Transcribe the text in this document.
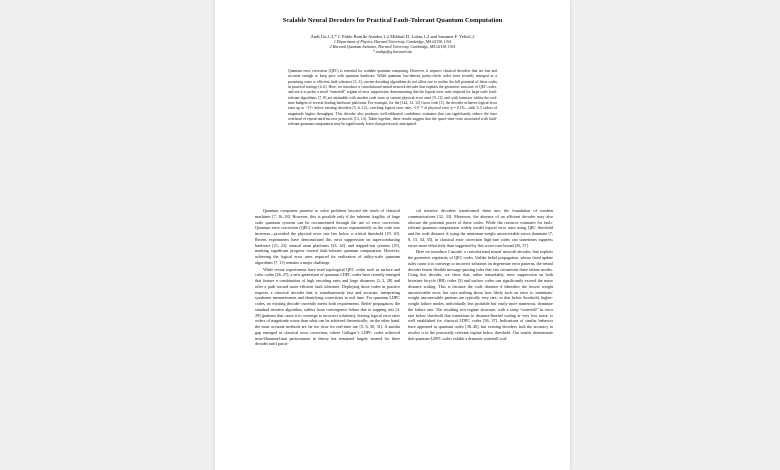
Scalable Neural Decoders for Practical Fault-Tolerant Quantum Computation
Andi Gu,1,2,* J. Pablo Bonilla Ataides,1,2 Mikhail D. Lukin,1,2 and Susanne F. Yelin1,2
1 Department of Physics, Harvard University, Cambridge, MA 02138, USA
2 Harvard Quantum Initiative, Harvard University, Cambridge, MA 02138, USA
* andigu@g.harvard.edu
Quantum error correction (QEC) is essential for scalable quantum computing. However, it requires classical decoders that are fast and accurate enough to keep pace with quantum hardware. While quantum low-density parity-check codes have recently emerged as a promising route to efficient fault tolerance [1–3], current decoding algorithms do not allow one to realize the full potential of these codes in practical settings [4–6]. Here, we introduce a convolutional neural network decoder that exploits the geometric structure of QEC codes, and use it to probe a novel “waterfall” regime of error suppression, demonstrating that the logical error rates required for large-scale fault-tolerant algorithms [7, 8] are attainable with modest code sizes at current physical error rates [9–11], and with latencies within the real-time budgets of several leading hardware platforms. For example, for the [144, 12, 12] Gross code [3], the decoder achieves logical error rates up to ~17× below existing decoders [5, 6, 12]—reaching logical error rates ~10⁻¹⁰ at physical error p = 0.1%—with 3–5 orders of magnitude higher throughput. This decoder also produces well-calibrated confidence estimates that can significantly reduce the time overhead of repeat-until-success protocols [13, 14]. Taken together, these results suggest that the space-time costs associated with fault-tolerant quantum computation may be significantly lower than previously anticipated.

Quantum computers promise to solve problems beyond the reach of classical machines [7, 16–18]. However, this is possible only if the inherent fragility of large scale quantum systems can be circumvented through the use of error correction. Quantum error correction (QEC) codes suppress errors exponentially as the code size increases—provided the physical error rate lies below a critical threshold [19, 20]. Recent experiments have demonstrated this error suppression on superconducting hardware [21, 22], neutral atom platforms [23, 24], and trapped-ion systems [25], marking significant progress toward fault-tolerant quantum computation. However, achieving the logical error rates required for realization of utility-scale quantum algorithms [7, 13] remains a major challenge.

While recent experiments have used topological QEC codes such as surface and color codes [26, 27], a new generation of quantum LDPC codes have recently emerged that feature a combination of high encoding rates and large distances [1–3, 28] and offer a path toward more efficient fault tolerance. Deploying these codes in practice requires a classical decoder that is simultaneously fast and accurate, interpreting syndrome measurements and identifying corrections in real time. For quantum LDPC codes, no existing decoder currently meets both requirements. Belief propagation, the standard iterative algorithm, suffers from convergence failure due to trapping sets [4, 29] (patterns that cause it to converge to incorrect solutions), leaving logical error rates orders of magnitude worse than what can be achieved theoretically; on the other hand, the most accurate methods are far too slow for real-time use [5, 6, 30, 31]. A similar gap emerged in classical error correction, where Gallager’s LDPC codes achieved near-Shannon-limit performance in theory but remained largely unused for three decades until practi-

cal iterative decoders transformed them into the foundation of modern communications [32, 33]. Moreover, the absence of an efficient decoder may also obscure the potential power of these codes. While the resource estimates for fault-tolerant quantum computation widely model logical error rates using QEC threshold and the code distance d, using the minimum-weight uncorrectable errors dominate [7, 8, 13, 34, 35], in classical error correction high-rate codes can sometimes suppress errors more effectively than suggested by this worst-case bound [36, 37].

Here we introduce Cascade, a convolutional neural network decoder, that exploits the geometric regularity of QEC codes. Unlike belief propagation, whose fixed update rules cause it to converge to incorrect solutions on degenerate error patterns, the neural decoder learns flexible message-passing rules that can circumvent these failure modes. Using this decoder, we show that, rather remarkably, error suppression on both bivariate bicycle (BB) codes [3] and surface codes can significantly exceed the naive distance scaling. This is because the code distance d identifies the lowest weight uncorrectable error, but says nothing about how likely such an error is: minimum-weight uncorrectable patterns are typically very rare, so that below threshold, higher-weight failure modes, individually less probable but vastly more numerous, dominate the failure rate. The resulting two-regime structure, with a steep “waterfall” in error rate below threshold that transitions to distance-limited scaling at very low noise, is well established for classical LDPC codes [36, 37]. Indications of similar behavior have appeared in quantum codes [38–40], but existing decoders lack the accuracy to resolve it in the practically relevant regime below threshold. Our results demonstrate that quantum LDPC codes exhibit a dramatic waterfall scal-
